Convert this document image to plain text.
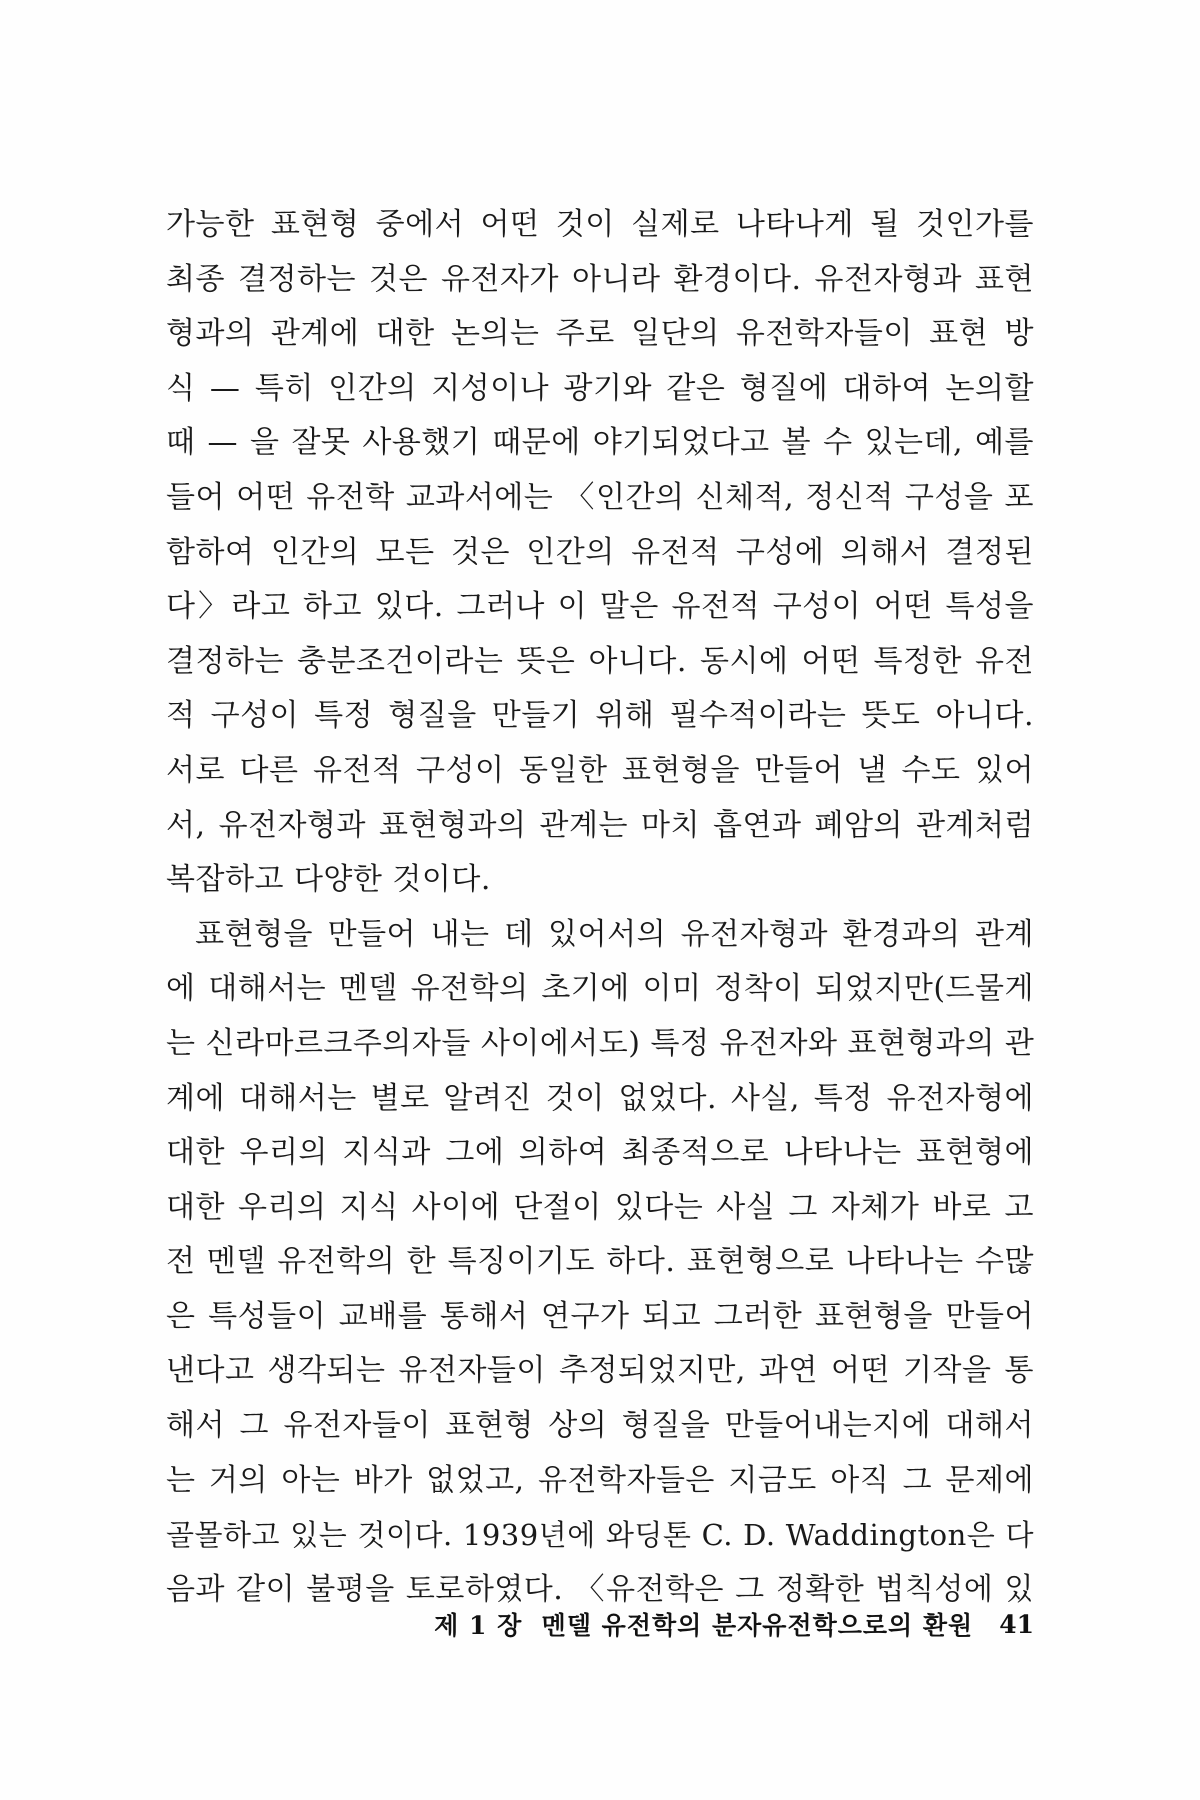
가능한 표현형 중에서 어떤 것이 실제로 나타나게 될 것인가를
최종 결정하는 것은 유전자가 아니라 환경이다. 유전자형과 표현
형과의 관계에 대한 논의는 주로 일단의 유전학자들이 표현 방
식 — 특히 인간의 지성이나 광기와 같은 형질에 대하여 논의할
때 — 을 잘못 사용했기 때문에 야기되었다고 볼 수 있는데, 예를
들어 어떤 유전학 교과서에는 〈인간의 신체적, 정신적 구성을 포
함하여 인간의 모든 것은 인간의 유전적 구성에 의해서 결정된
다〉라고 하고 있다. 그러나 이 말은 유전적 구성이 어떤 특성을
결정하는 충분조건이라는 뜻은 아니다. 동시에 어떤 특정한 유전
적 구성이 특정 형질을 만들기 위해 필수적이라는 뜻도 아니다.
서로 다른 유전적 구성이 동일한 표현형을 만들어 낼 수도 있어
서, 유전자형과 표현형과의 관계는 마치 흡연과 폐암의 관계처럼
복잡하고 다양한 것이다.
표현형을 만들어 내는 데 있어서의 유전자형과 환경과의 관계
에 대해서는 멘델 유전학의 초기에 이미 정착이 되었지만(드물게
는 신라마르크주의자들 사이에서도) 특정 유전자와 표현형과의 관
계에 대해서는 별로 알려진 것이 없었다. 사실, 특정 유전자형에
대한 우리의 지식과 그에 의하여 최종적으로 나타나는 표현형에
대한 우리의 지식 사이에 단절이 있다는 사실 그 자체가 바로 고
전 멘델 유전학의 한 특징이기도 하다. 표현형으로 나타나는 수많
은 특성들이 교배를 통해서 연구가 되고 그러한 표현형을 만들어
낸다고 생각되는 유전자들이 추정되었지만, 과연 어떤 기작을 통
해서 그 유전자들이 표현형 상의 형질을 만들어내는지에 대해서
는 거의 아는 바가 없었고, 유전학자들은 지금도 아직 그 문제에
골몰하고 있는 것이다. 1939년에 와딩톤 C. D. Waddington은 다
음과 같이 불평을 토로하였다. 〈유전학은 그 정확한 법칙성에 있
제 1 장  멘델 유전학의 분자유전학으로의 환원 41
